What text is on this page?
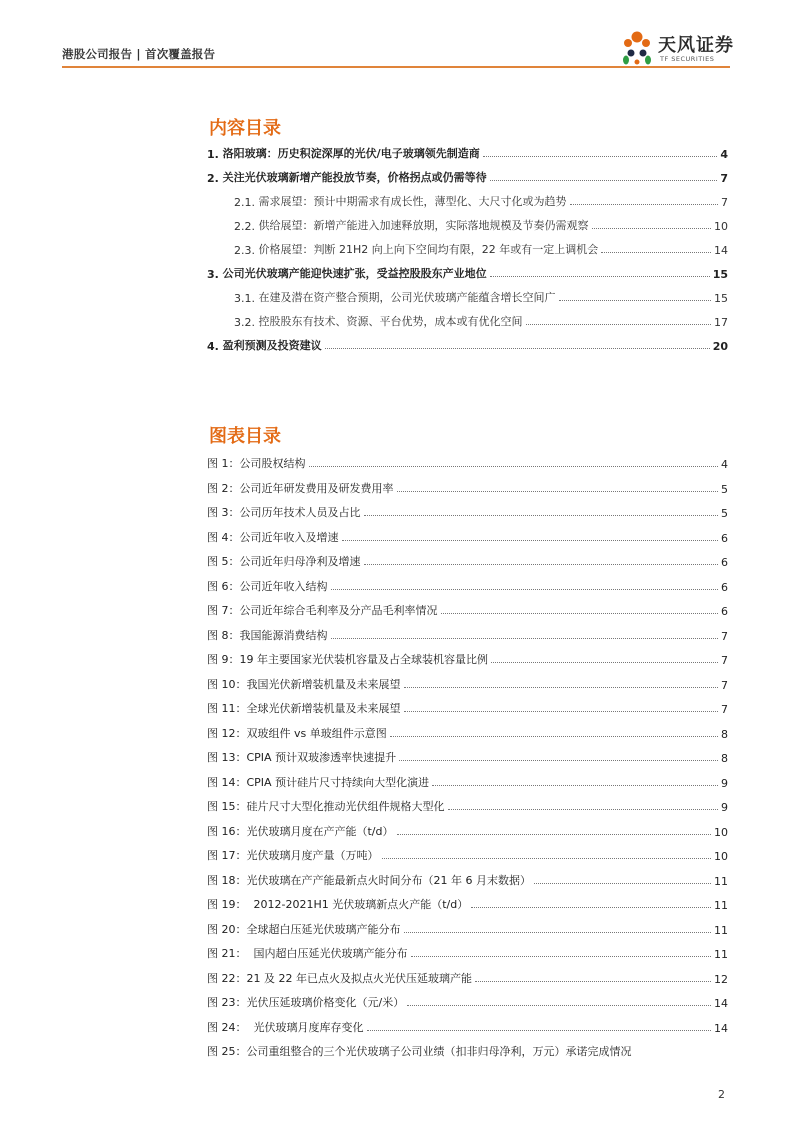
港股公司报告 | 首次覆盖报告	天风证券
TF SECURITIES
内容目录
1. 洛阳玻璃：历史积淀深厚的光伏/电子玻璃领先制造商	4
2. 关注光伏玻璃新增产能投放节奏，价格拐点或仍需等待	7
2.1. 需求展望：预计中期需求有成长性，薄型化、大尺寸化或为趋势	7
2.2. 供给展望：新增产能进入加速释放期，实际落地规模及节奏仍需观察	10
2.3. 价格展望：判断 21H2 向上向下空间均有限，22 年或有一定上调机会	14
3. 公司光伏玻璃产能迎快速扩张，受益控股股东产业地位	15
3.1. 在建及潜在资产整合预期，公司光伏玻璃产能蕴含增长空间广	15
3.2. 控股股东有技术、资源、平台优势，成本或有优化空间	17
4. 盈利预测及投资建议	20
图表目录
图 1：公司股权结构	4
图 2：公司近年研发费用及研发费用率	5
图 3：公司历年技术人员及占比	5
图 4：公司近年收入及增速	6
图 5：公司近年归母净利及增速	6
图 6：公司近年收入结构	6
图 7：公司近年综合毛利率及分产品毛利率情况	6
图 8：我国能源消费结构	7
图 9：19 年主要国家光伏装机容量及占全球装机容量比例	7
图 10：我国光伏新增装机量及未来展望	7
图 11：全球光伏新增装机量及未来展望	7
图 12：双玻组件 vs 单玻组件示意图	8
图 13：CPIA 预计双玻渗透率快速提升	8
图 14：CPIA 预计硅片尺寸持续向大型化演进	9
图 15：硅片尺寸大型化推动光伏组件规格大型化	9
图 16：光伏玻璃月度在产产能（t/d）	10
图 17：光伏玻璃月度产量（万吨）	10
图 18：光伏玻璃在产产能最新点火时间分布（21 年 6 月末数据）	11
图 19：  2012-2021H1 光伏玻璃新点火产能（t/d）	11
图 20：全球超白压延光伏玻璃产能分布	11
图 21：  国内超白压延光伏玻璃产能分布	11
图 22：21 及 22 年已点火及拟点火光伏压延玻璃产能	12
图 23：光伏压延玻璃价格变化（元/米）	14
图 24：  光伏玻璃月度库存变化	14
图 25：公司重组整合的三个光伏玻璃子公司业绩（扣非归母净利，万元）承诺完成情况
2
